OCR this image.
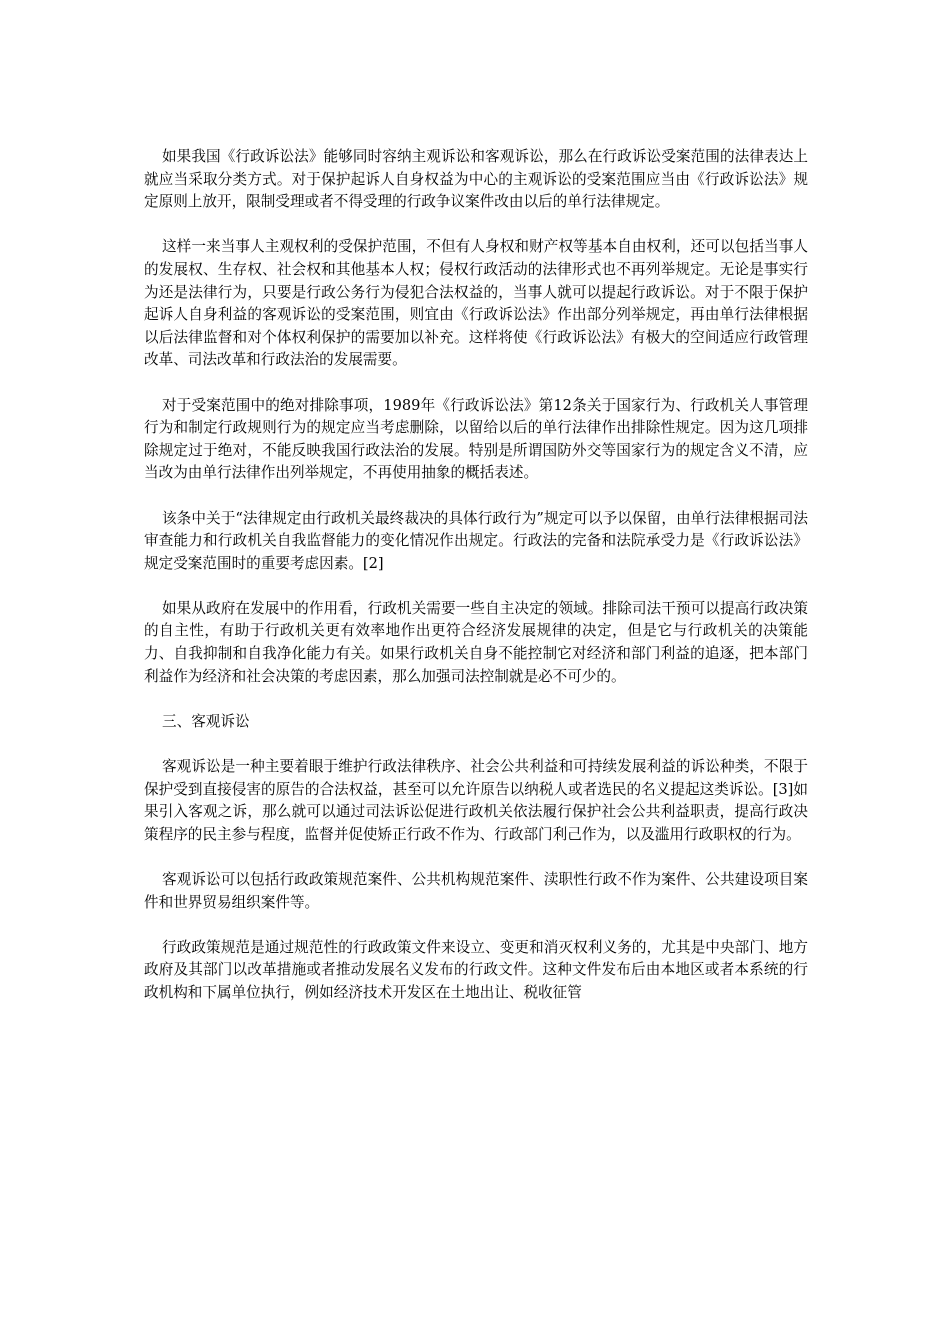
如果我国《行政诉讼法》能够同时容纳主观诉讼和客观诉讼，那么在行政诉讼受案范围的法律表达上就应当采取分类方式。对于保护起诉人自身权益为中心的主观诉讼的受案范围应当由《行政诉讼法》规定原则上放开，限制受理或者不得受理的行政争议案件改由以后的单行法律规定。

这样一来当事人主观权利的受保护范围，不但有人身权和财产权等基本自由权利，还可以包括当事人的发展权、生存权、社会权和其他基本人权；侵权行政活动的法律形式也不再列举规定。无论是事实行为还是法律行为，只要是行政公务行为侵犯合法权益的，当事人就可以提起行政诉讼。对于不限于保护起诉人自身利益的客观诉讼的受案范围，则宜由《行政诉讼法》作出部分列举规定，再由单行法律根据以后法律监督和对个体权利保护的需要加以补充。这样将使《行政诉讼法》有极大的空间适应行政管理改革、司法改革和行政法治的发展需要。

对于受案范围中的绝对排除事项，1989年《行政诉讼法》第12条关于国家行为、行政机关人事管理行为和制定行政规则行为的规定应当考虑删除，以留给以后的单行法律作出排除性规定。因为这几项排除规定过于绝对，不能反映我国行政法治的发展。特别是所谓国防外交等国家行为的规定含义不清，应当改为由单行法律作出列举规定，不再使用抽象的概括表述。

该条中关于“法律规定由行政机关最终裁决的具体行政行为”规定可以予以保留，由单行法律根据司法审查能力和行政机关自我监督能力的变化情况作出规定。行政法的完备和法院承受力是《行政诉讼法》规定受案范围时的重要考虑因素。[2]

如果从政府在发展中的作用看，行政机关需要一些自主决定的领域。排除司法干预可以提高行政决策的自主性，有助于行政机关更有效率地作出更符合经济发展规律的决定，但是它与行政机关的决策能力、自我抑制和自我净化能力有关。如果行政机关自身不能控制它对经济和部门利益的追逐，把本部门利益作为经济和社会决策的考虑因素，那么加强司法控制就是必不可少的。

三、客观诉讼

客观诉讼是一种主要着眼于维护行政法律秩序、社会公共利益和可持续发展利益的诉讼种类，不限于保护受到直接侵害的原告的合法权益，甚至可以允许原告以纳税人或者选民的名义提起这类诉讼。[3]如果引入客观之诉，那么就可以通过司法诉讼促进行政机关依法履行保护社会公共利益职责，提高行政决策程序的民主参与程度，监督并促使矫正行政不作为、行政部门利己作为，以及滥用行政职权的行为。

客观诉讼可以包括行政政策规范案件、公共机构规范案件、渎职性行政不作为案件、公共建设项目案件和世界贸易组织案件等。

行政政策规范是通过规范性的行政政策文件来设立、变更和消灭权利义务的，尤其是中央部门、地方政府及其部门以改革措施或者推动发展名义发布的行政文件。这种文件发布后由本地区或者本系统的行政机构和下属单位执行，例如经济技术开发区在土地出让、税收征管
